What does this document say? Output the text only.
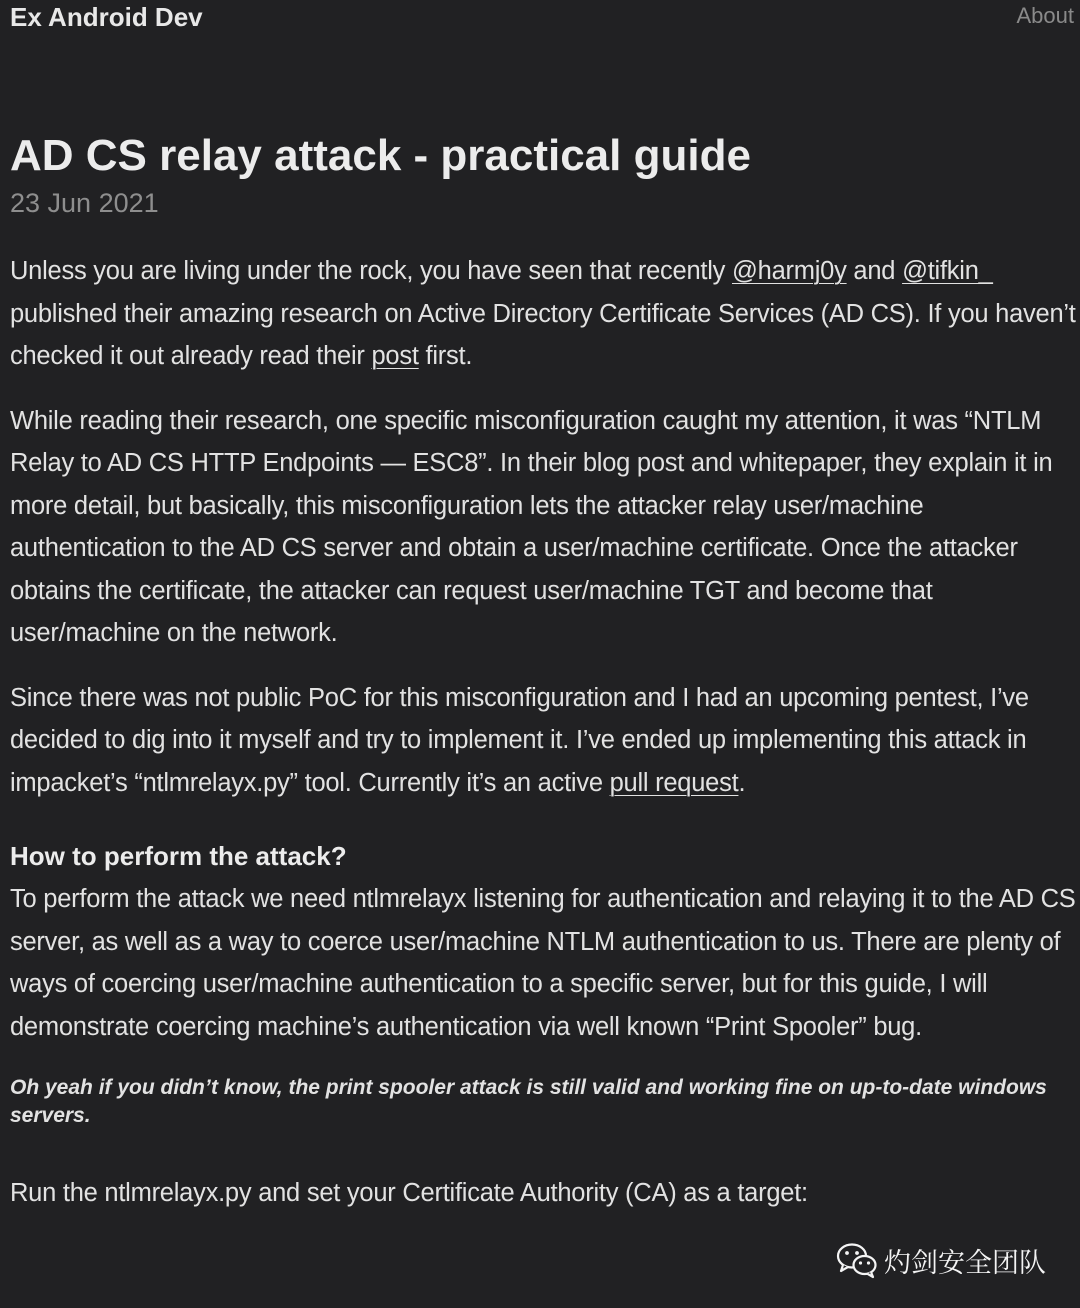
Ex Android Dev	About
AD CS relay attack - practical guide
23 Jun 2021

Unless you are living under the rock, you have seen that recently @harmj0y and @tifkin_ published their amazing research on Active Directory Certificate Services (AD CS). If you haven’t checked it out already read their post first.

While reading their research, one specific misconfiguration caught my attention, it was “NTLM Relay to AD CS HTTP Endpoints — ESC8”. In their blog post and whitepaper, they explain it in more detail, but basically, this misconfiguration lets the attacker relay user/machine authentication to the AD CS server and obtain a user/machine certificate. Once the attacker obtains the certificate, the attacker can request user/machine TGT and become that user/machine on the network.

Since there was not public PoC for this misconfiguration and I had an upcoming pentest, I’ve decided to dig into it myself and try to implement it. I’ve ended up implementing this attack in impacket’s “ntlmrelayx.py” tool. Currently it’s an active pull request.

How to perform the attack?

To perform the attack we need ntlmrelayx listening for authentication and relaying it to the AD CS server, as well as a way to coerce user/machine NTLM authentication to us. There are plenty of ways of coercing user/machine authentication to a specific server, but for this guide, I will demonstrate coercing machine’s authentication via well known “Print Spooler” bug.

Oh yeah if you didn’t know, the print spooler attack is still valid and working fine on up-to-date windows servers.

Run the ntlmrelayx.py and set your Certificate Authority (CA) as a target:

灼剑安全团队
